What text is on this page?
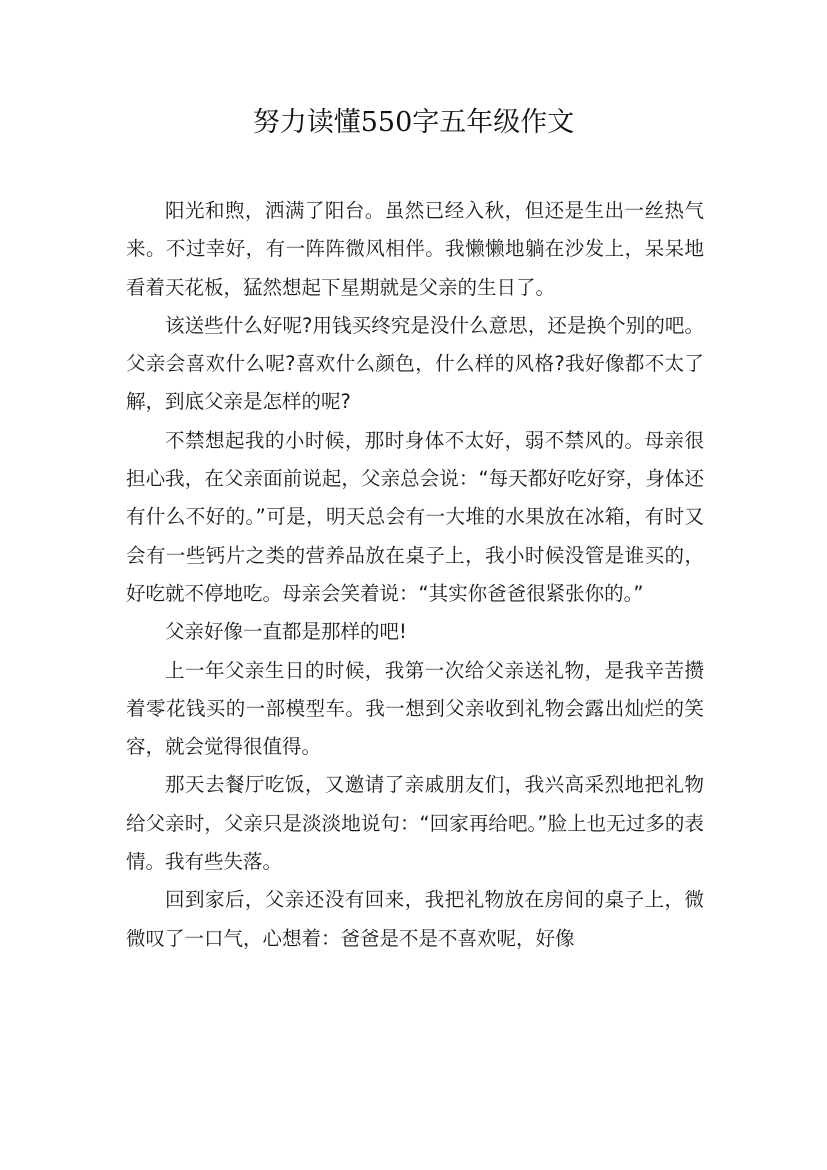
努力读懂550字五年级作文

阳光和煦，洒满了阳台。虽然已经入秋，但还是生出一丝热气来。不过幸好，有一阵阵微风相伴。我懒懒地躺在沙发上，呆呆地看着天花板，猛然想起下星期就是父亲的生日了。

该送些什么好呢?用钱买终究是没什么意思，还是换个别的吧。父亲会喜欢什么呢?喜欢什么颜色，什么样的风格?我好像都不太了解，到底父亲是怎样的呢?

不禁想起我的小时候，那时身体不太好，弱不禁风的。母亲很担心我，在父亲面前说起，父亲总会说：“每天都好吃好穿，身体还有什么不好的。”可是，明天总会有一大堆的水果放在冰箱，有时又会有一些钙片之类的营养品放在桌子上，我小时候没管是谁买的，好吃就不停地吃。母亲会笑着说：“其实你爸爸很紧张你的。”

父亲好像一直都是那样的吧!

上一年父亲生日的时候，我第一次给父亲送礼物，是我辛苦攒着零花钱买的一部模型车。我一想到父亲收到礼物会露出灿烂的笑容，就会觉得很值得。

那天去餐厅吃饭，又邀请了亲戚朋友们，我兴高采烈地把礼物给父亲时，父亲只是淡淡地说句：“回家再给吧。”脸上也无过多的表情。我有些失落。

回到家后，父亲还没有回来，我把礼物放在房间的桌子上，微微叹了一口气，心想着：爸爸是不是不喜欢呢，好像
